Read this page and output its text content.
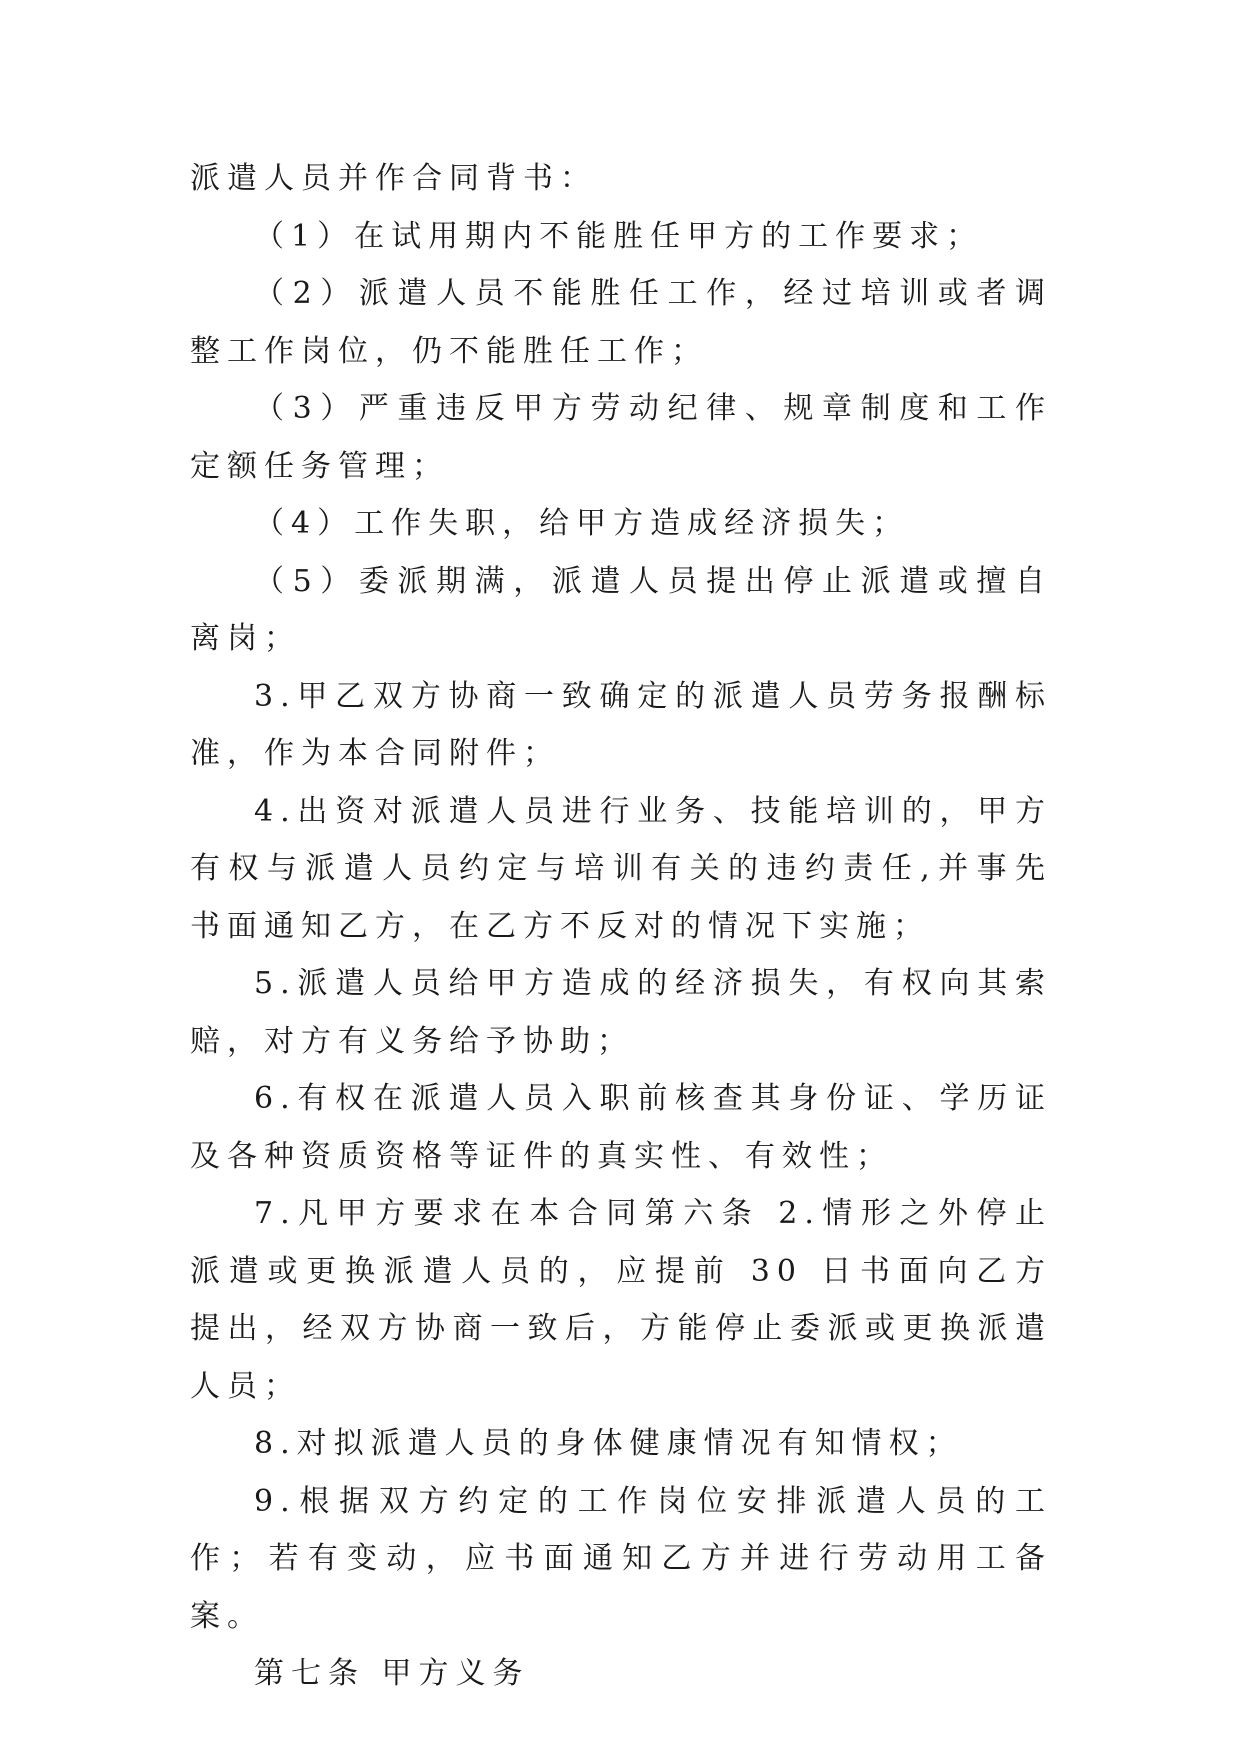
派遣人员并作合同背书：

（1）在试用期内不能胜任甲方的工作要求；

（2）派遣人员不能胜任工作，经过培训或者调整工作岗位，仍不能胜任工作；

（3）严重违反甲方劳动纪律、规章制度和工作定额任务管理；

（4）工作失职，给甲方造成经济损失；

（5）委派期满，派遣人员提出停止派遣或擅自离岗；

3.甲乙双方协商一致确定的派遣人员劳务报酬标准，作为本合同附件；

4.出资对派遣人员进行业务、技能培训的，甲方有权与派遣人员约定与培训有关的违约责任,并事先书面通知乙方，在乙方不反对的情况下实施；

5.派遣人员给甲方造成的经济损失，有权向其索赔，对方有义务给予协助；

6.有权在派遣人员入职前核查其身份证、学历证及各种资质资格等证件的真实性、有效性；

7.凡甲方要求在本合同第六条 2.情形之外停止派遣或更换派遣人员的，应提前 30 日书面向乙方提出，经双方协商一致后，方能停止委派或更换派遣人员；

8.对拟派遣人员的身体健康情况有知情权；

9.根据双方约定的工作岗位安排派遣人员的工作；若有变动，应书面通知乙方并进行劳动用工备案。

第七条 甲方义务
